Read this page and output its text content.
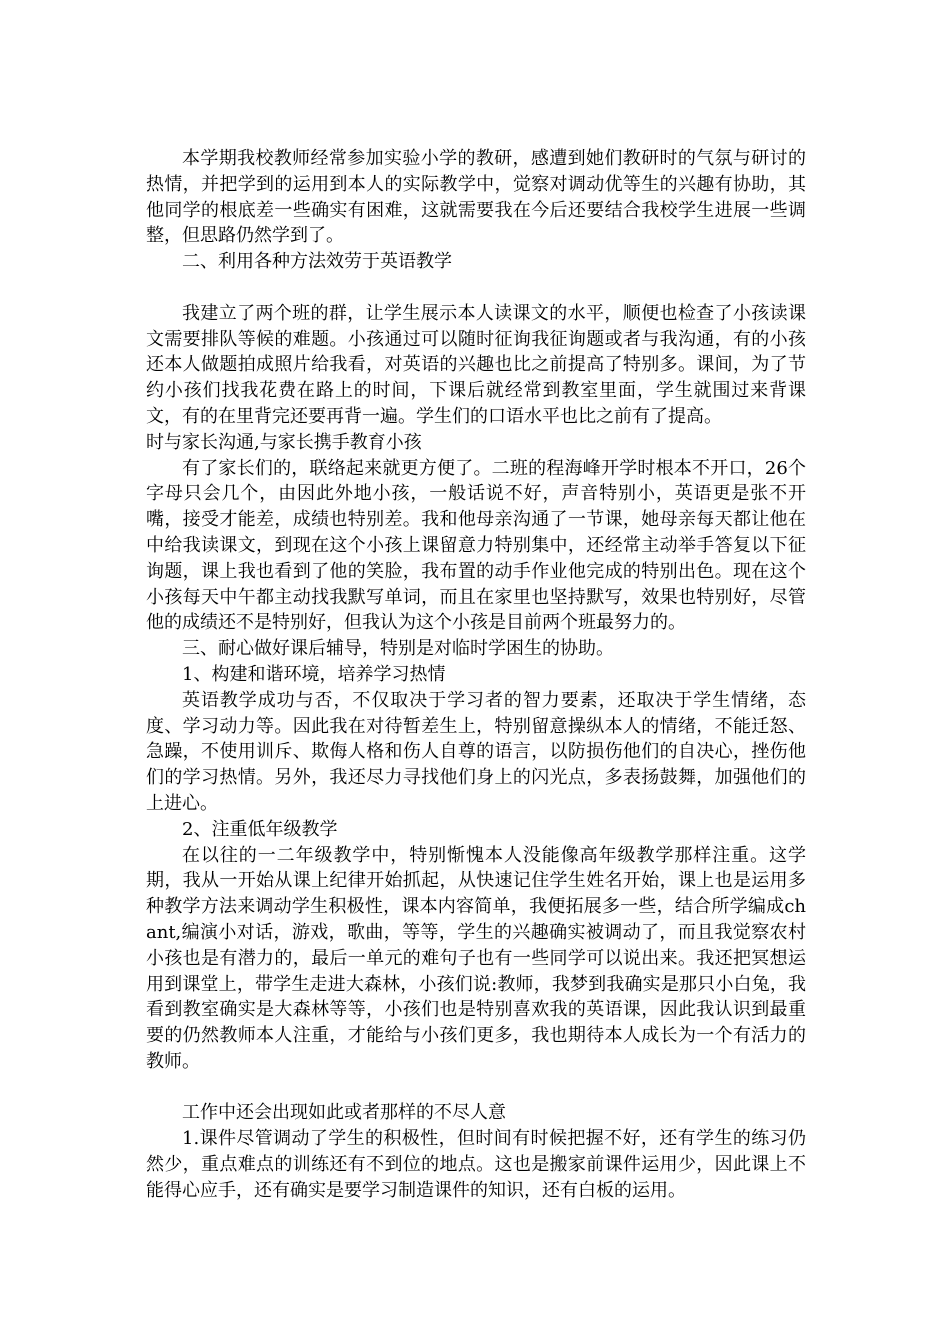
本学期我校教师经常参加实验小学的教研，感遭到她们教研时的气氛与研讨的热情，并把学到的运用到本人的实际教学中，觉察对调动优等生的兴趣有协助，其他同学的根底差一些确实有困难，这就需要我在今后还要结合我校学生进展一些调整，但思路仍然学到了。

二、利用各种方法效劳于英语教学

我建立了两个班的群，让学生展示本人读课文的水平，顺便也检查了小孩读课文需要排队等候的难题。小孩通过可以随时征询我征询题或者与我沟通，有的小孩还本人做题拍成照片给我看，对英语的兴趣也比之前提高了特别多。课间，为了节约小孩们找我花费在路上的时间，下课后就经常到教室里面，学生就围过来背课文，有的在里背完还要再背一遍。学生们的口语水平也比之前有了提高。

时与家长沟通,与家长携手教育小孩

有了家长们的，联络起来就更方便了。二班的程海峰开学时根本不开口，26个字母只会几个，由因此外地小孩，一般话说不好，声音特别小，英语更是张不开嘴，接受才能差，成绩也特别差。我和他母亲沟通了一节课，她母亲每天都让他在中给我读课文，到现在这个小孩上课留意力特别集中，还经常主动举手答复以下征询题，课上我也看到了他的笑脸，我布置的动手作业他完成的特别出色。现在这个小孩每天中午都主动找我默写单词，而且在家里也坚持默写，效果也特别好，尽管他的成绩还不是特别好，但我认为这个小孩是目前两个班最努力的。

三、耐心做好课后辅导，特别是对临时学困生的协助。

1、构建和谐环境，培养学习热情

英语教学成功与否，不仅取决于学习者的智力要素，还取决于学生情绪，态度、学习动力等。因此我在对待暂差生上，特别留意操纵本人的情绪，不能迁怒、急躁，不使用训斥、欺侮人格和伤人自尊的语言，以防损伤他们的自决心，挫伤他们的学习热情。另外，我还尽力寻找他们身上的闪光点，多表扬鼓舞，加强他们的上进心。

2、注重低年级教学

在以往的一二年级教学中，特别惭愧本人没能像高年级教学那样注重。这学期，我从一开始从课上纪律开始抓起，从快速记住学生姓名开始，课上也是运用多种教学方法来调动学生积极性，课本内容简单，我便拓展多一些，结合所学编成chant,编演小对话，游戏，歌曲，等等，学生的兴趣确实被调动了，而且我觉察农村小孩也是有潜力的，最后一单元的难句子也有一些同学可以说出来。我还把冥想运用到课堂上，带学生走进大森林，小孩们说:教师，我梦到我确实是那只小白兔，我看到教室确实是大森林等等，小孩们也是特别喜欢我的英语课，因此我认识到最重要的仍然教师本人注重，才能给与小孩们更多，我也期待本人成长为一个有活力的教师。

工作中还会出现如此或者那样的不尽人意

1.课件尽管调动了学生的积极性，但时间有时候把握不好，还有学生的练习仍然少，重点难点的训练还有不到位的地点。这也是搬家前课件运用少，因此课上不能得心应手，还有确实是要学习制造课件的知识，还有白板的运用。
